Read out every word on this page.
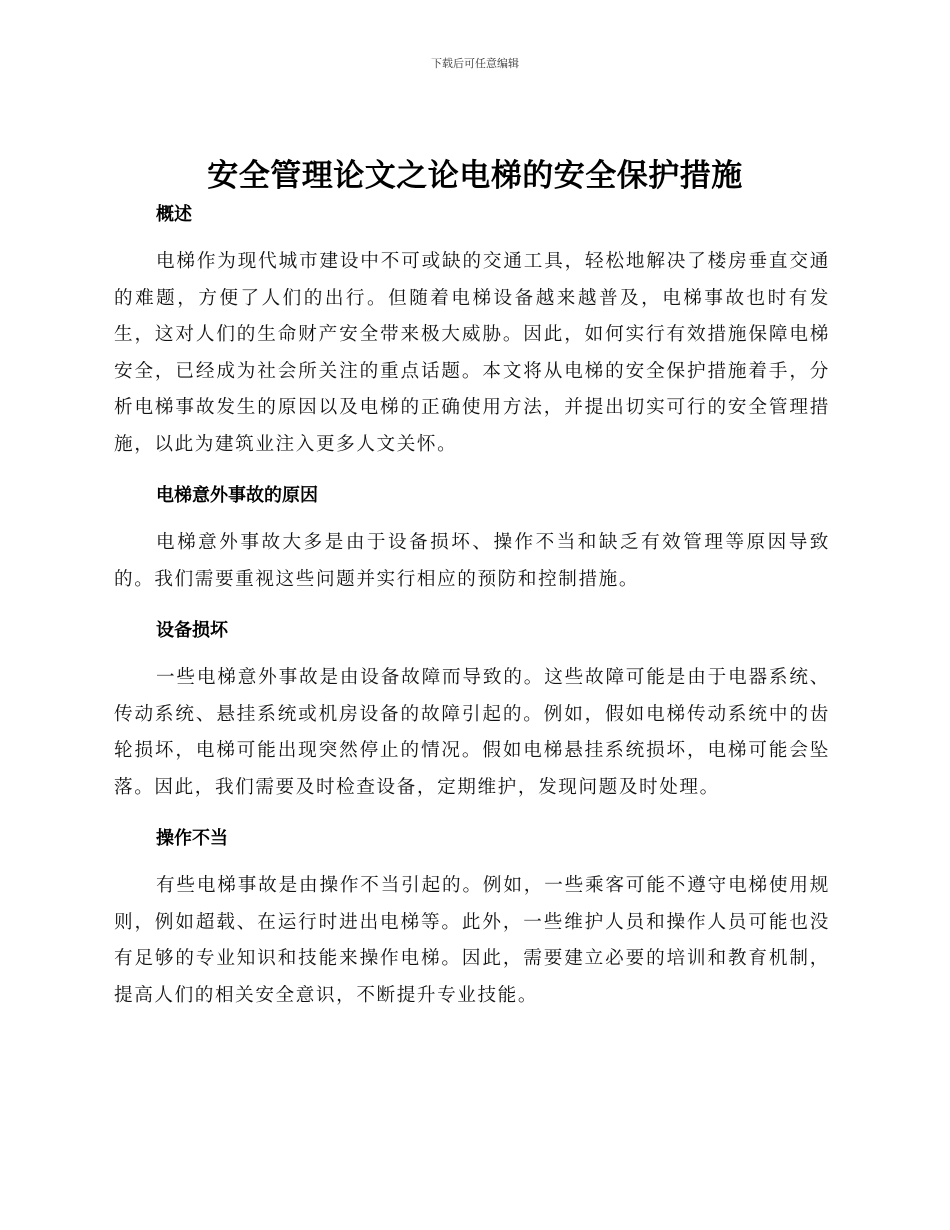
下载后可任意编辑
安全管理论文之论电梯的安全保护措施
概述

电梯作为现代城市建设中不可或缺的交通工具，轻松地解决了楼房垂直交通的难题，方便了人们的出行。但随着电梯设备越来越普及，电梯事故也时有发生，这对人们的生命财产安全带来极大威胁。因此，如何实行有效措施保障电梯安全，已经成为社会所关注的重点话题。本文将从电梯的安全保护措施着手，分析电梯事故发生的原因以及电梯的正确使用方法，并提出切实可行的安全管理措施，以此为建筑业注入更多人文关怀。

电梯意外事故的原因

电梯意外事故大多是由于设备损坏、操作不当和缺乏有效管理等原因导致的。我们需要重视这些问题并实行相应的预防和控制措施。

设备损坏

一些电梯意外事故是由设备故障而导致的。这些故障可能是由于电器系统、传动系统、悬挂系统或机房设备的故障引起的。例如，假如电梯传动系统中的齿轮损坏，电梯可能出现突然停止的情况。假如电梯悬挂系统损坏，电梯可能会坠落。因此，我们需要及时检查设备，定期维护，发现问题及时处理。

操作不当

有些电梯事故是由操作不当引起的。例如，一些乘客可能不遵守电梯使用规则，例如超载、在运行时进出电梯等。此外，一些维护人员和操作人员可能也没有足够的专业知识和技能来操作电梯。因此，需要建立必要的培训和教育机制，提高人们的相关安全意识，不断提升专业技能。
